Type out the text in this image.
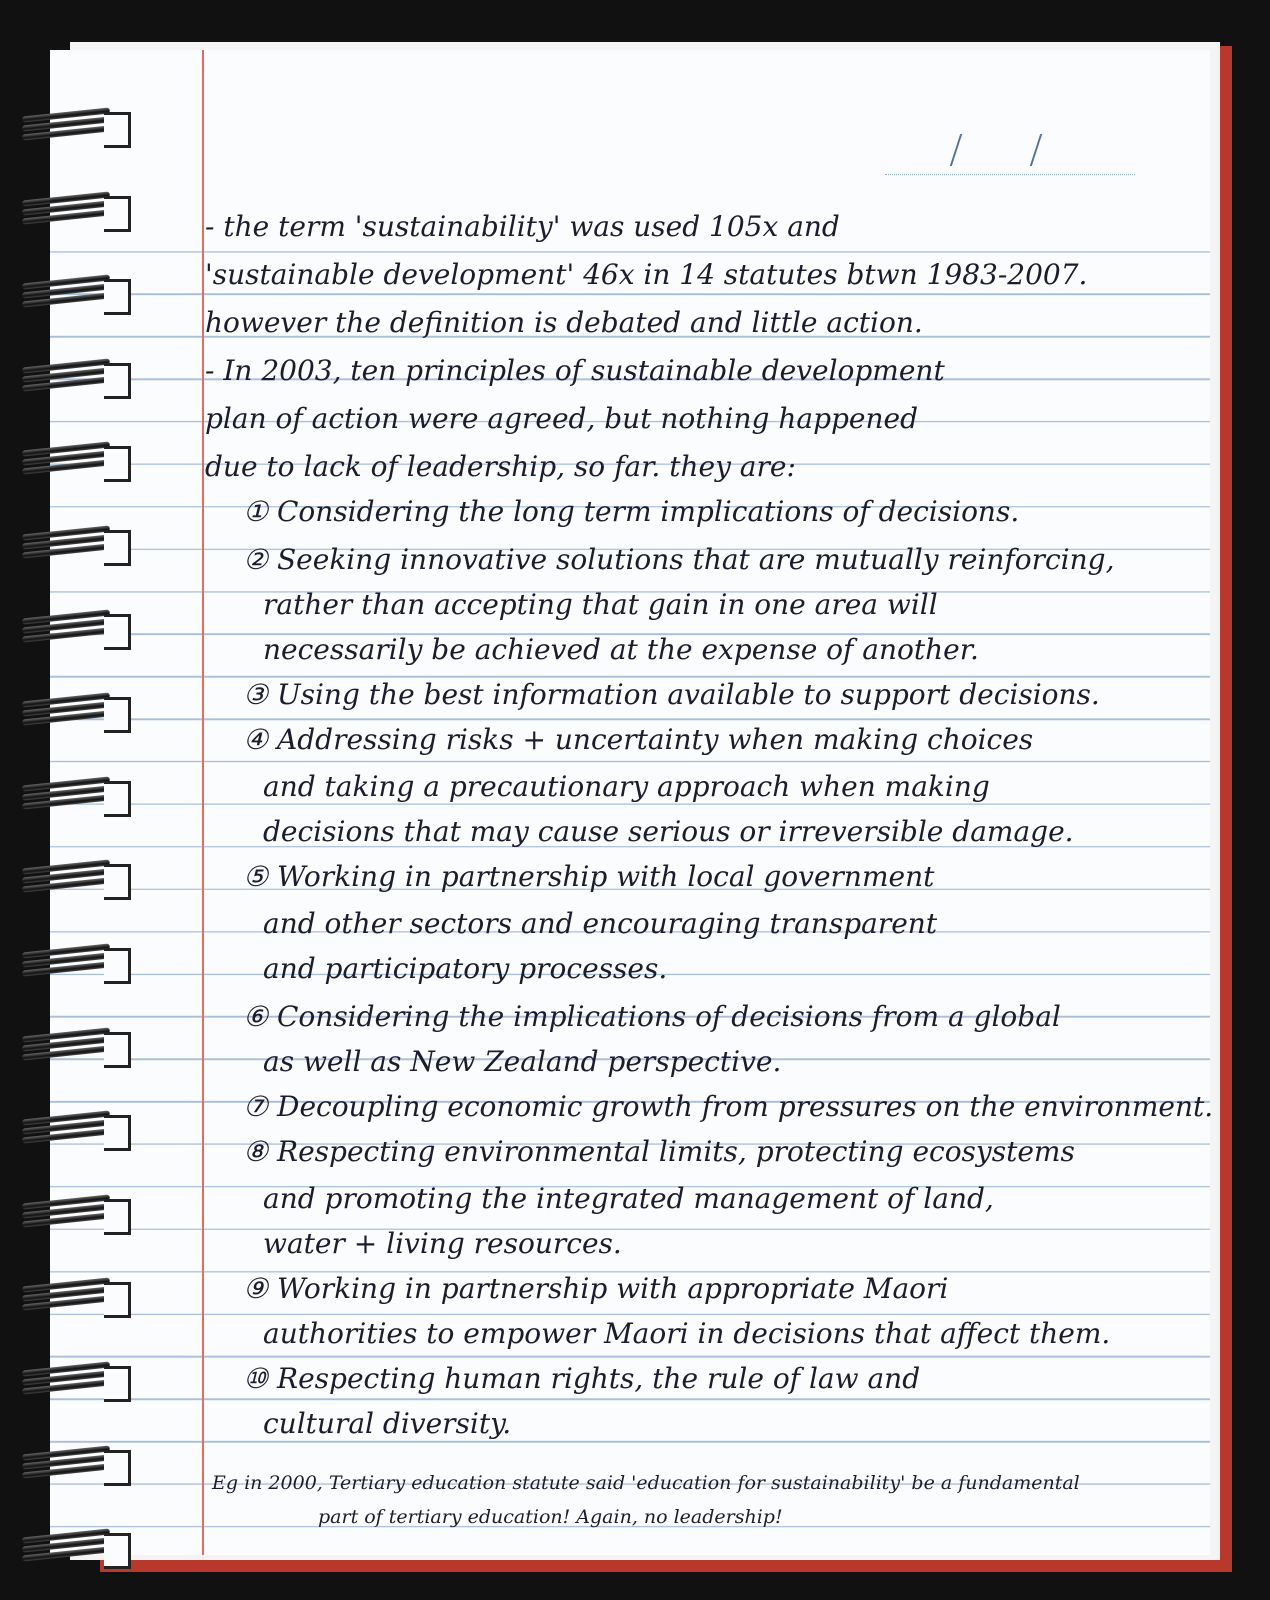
- the term 'sustainability' was used 105x and
'sustainable development' 46x in 14 statutes btwn 1983-2007.
however the definition is debated and little action.
- In 2003, ten principles of sustainable development
plan of action were agreed, but nothing happened
due to lack of leadership, so far. they are:
① Considering the long term implications of decisions.
② Seeking innovative solutions that are mutually reinforcing,
rather than accepting that gain in one area will
necessarily be achieved at the expense of another.
③ Using the best information available to support decisions.
④ Addressing risks + uncertainty when making choices
and taking a precautionary approach when making
decisions that may cause serious or irreversible damage.
⑤ Working in partnership with local government
and other sectors and encouraging transparent
and participatory processes.
⑥ Considering the implications of decisions from a global
as well as New Zealand perspective.
⑦ Decoupling economic growth from pressures on the environment.
⑧ Respecting environmental limits, protecting ecosystems
and promoting the integrated management of land,
water + living resources.
⑨ Working in partnership with appropriate Maori
authorities to empower Maori in decisions that affect them.
⑩ Respecting human rights, the rule of law and
cultural diversity.
Eg in 2000, Tertiary education statute said 'education for sustainability' be a fundamental
part of tertiary education! Again, no leadership!
